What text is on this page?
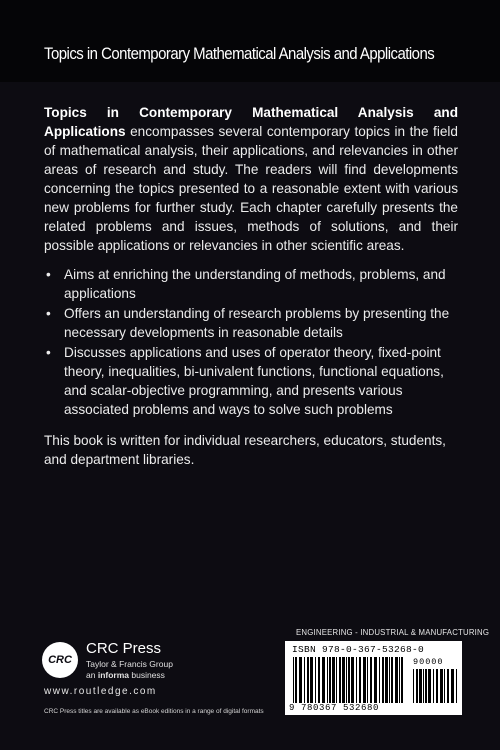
Topics in Contemporary Mathematical Analysis and Applications

Topics in Contemporary Mathematical Analysis and Applications encompasses several contemporary topics in the field of mathematical analysis, their applications, and relevancies in other areas of research and study. The readers will find developments concerning the topics presented to a reasonable extent with various new problems for further study. Each chapter carefully presents the related problems and issues, methods of solutions, and their possible applications or relevancies in other scientific areas.

• Aims at enriching the understanding of methods, problems, and applications
• Offers an understanding of research problems by presenting the necessary developments in reasonable details
• Discusses applications and uses of operator theory, fixed-point theory, inequalities, bi-univalent functions, functional equations, and scalar-objective programming, and presents various associated problems and ways to solve such problems

This book is written for individual researchers, educators, students, and department libraries.

CRC
CRC Press
Taylor & Francis Group
an informa business
www.routledge.com
CRC Press titles are available as eBook editions in a range of digital formats
ENGINEERING - INDUSTRIAL & MANUFACTURING
ISBN 978-0-367-53268-0
90000
9 780367 532680
